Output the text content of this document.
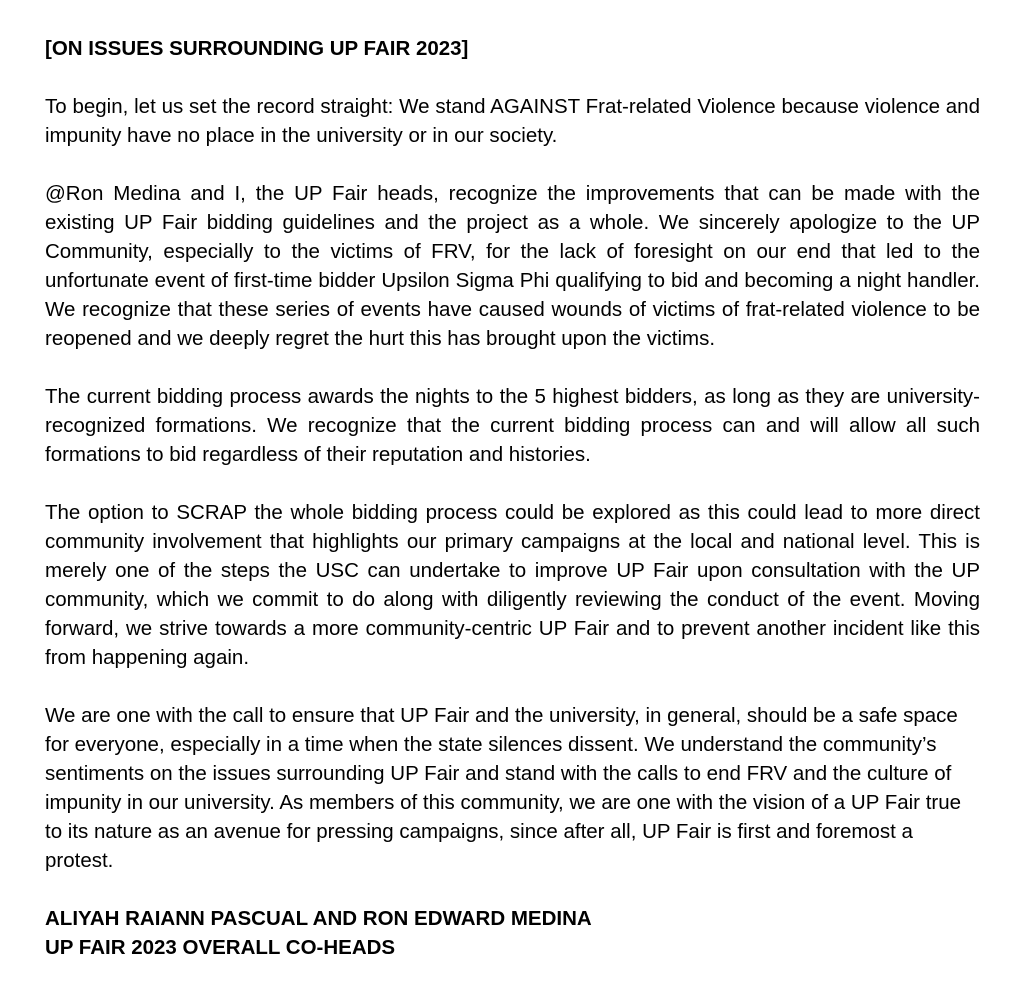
[ON ISSUES SURROUNDING UP FAIR 2023]

To begin, let us set the record straight: We stand AGAINST Frat-related Violence because violence and impunity have no place in the university or in our society.

@Ron Medina and I, the UP Fair heads, recognize the improvements that can be made with the existing UP Fair bidding guidelines and the project as a whole. We sincerely apologize to the UP Community, especially to the victims of FRV, for the lack of foresight on our end that led to the unfortunate event of first-time bidder Upsilon Sigma Phi qualifying to bid and becoming a night handler. We recognize that these series of events have caused wounds of victims of frat-related violence to be reopened and we deeply regret the hurt this has brought upon the victims.

The current bidding process awards the nights to the 5 highest bidders, as long as they are university-recognized formations. We recognize that the current bidding process can and will allow all such formations to bid regardless of their reputation and histories.

The option to SCRAP the whole bidding process could be explored as this could lead to more direct community involvement that highlights our primary campaigns at the local and national level. This is merely one of the steps the USC can undertake to improve UP Fair upon consultation with the UP community, which we commit to do along with diligently reviewing the conduct of the event. Moving forward, we strive towards a more community-centric UP Fair and to prevent another incident like this from happening again.

We are one with the call to ensure that UP Fair and the university, in general, should be a safe space for everyone, especially in a time when the state silences dissent. We understand the community’s sentiments on the issues surrounding UP Fair and stand with the calls to end FRV and the culture of impunity in our university. As members of this community, we are one with the vision of a UP Fair true to its nature as an avenue for pressing campaigns, since after all, UP Fair is first and foremost a protest.

ALIYAH RAIANN PASCUAL AND RON EDWARD MEDINA

UP FAIR 2023 OVERALL CO-HEADS
